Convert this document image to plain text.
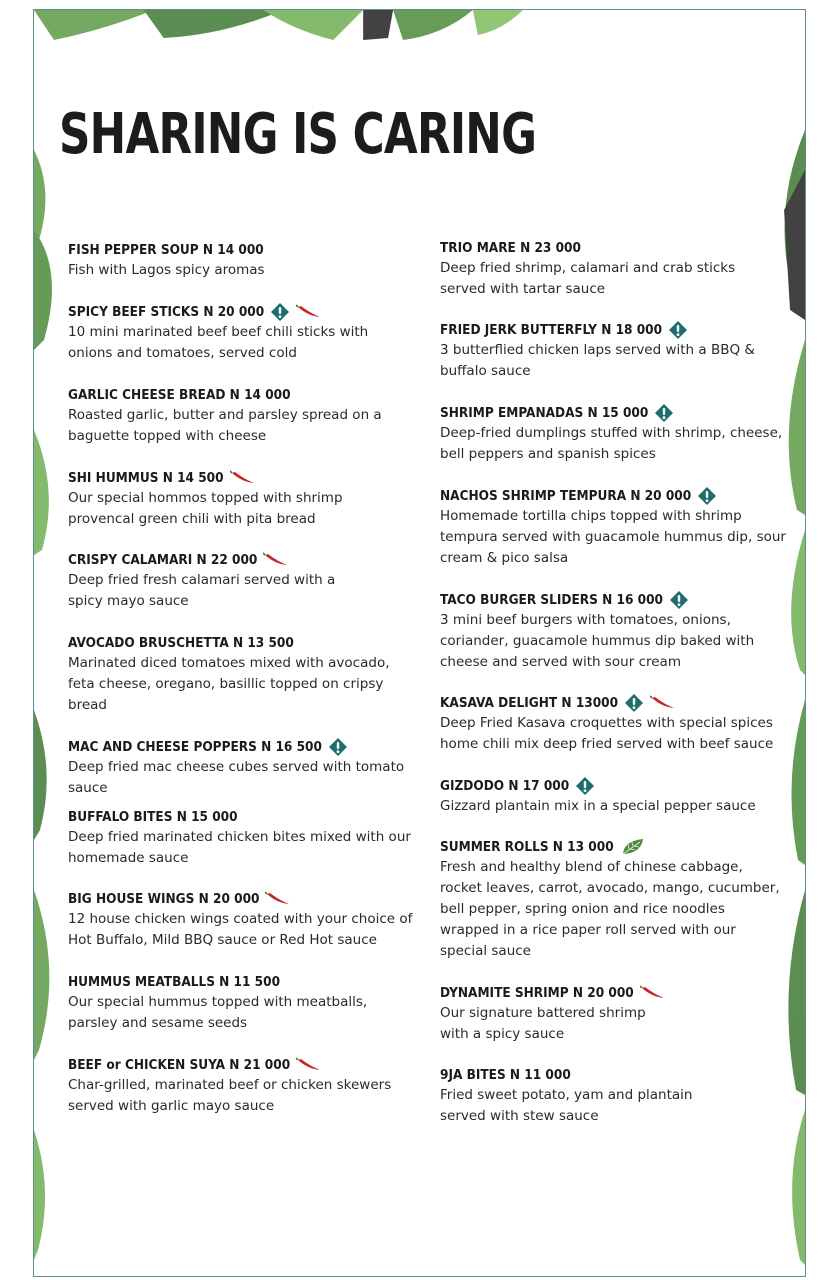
SHARING IS CARING
FISH PEPPER SOUP N 14 000
Fish with Lagos spicy aromas
SPICY BEEF STICKS N 20 000
10 mini marinated beef beef chili sticks with
onions and tomatoes, served cold
GARLIC CHEESE BREAD N 14 000
Roasted garlic, butter and parsley spread on a
baguette topped with cheese
SHI HUMMUS N 14 500
Our special hommos topped with shrimp
provencal green chili with pita bread
CRISPY CALAMARI N 22 000
Deep fried fresh calamari served with a
spicy mayo sauce
AVOCADO BRUSCHETTA N 13 500
Marinated diced tomatoes mixed with avocado,
feta cheese, oregano, basillic topped on cripsy
bread
MAC AND CHEESE POPPERS N 16 500
Deep fried mac cheese cubes served with tomato
sauce
BUFFALO BITES N 15 000
Deep fried marinated chicken bites mixed with our
homemade sauce
BIG HOUSE WINGS N 20 000
12 house chicken wings coated with your choice of
Hot Buffalo, Mild BBQ sauce or Red Hot sauce
HUMMUS MEATBALLS N 11 500
Our special hummus topped with meatballs,
parsley and sesame seeds
BEEF or CHICKEN SUYA N 21 000
Char-grilled, marinated beef or chicken skewers
served with garlic mayo sauce
TRIO MARE N 23 000
Deep fried shrimp, calamari and crab sticks
served with tartar sauce
FRIED JERK BUTTERFLY N 18 000
3 butterflied chicken laps served with a BBQ &
buffalo sauce
SHRIMP EMPANADAS N 15 000
Deep-fried dumplings stuffed with shrimp, cheese,
bell peppers and spanish spices
NACHOS SHRIMP TEMPURA N 20 000
Homemade tortilla chips topped with shrimp
tempura served with guacamole hummus dip, sour
cream & pico salsa
TACO BURGER SLIDERS N 16 000
3 mini beef burgers with tomatoes, onions,
coriander, guacamole hummus dip baked with
cheese and served with sour cream
KASAVA DELIGHT N 13000
Deep Fried Kasava croquettes with special spices
home chili mix deep fried served with beef sauce
GIZDODO N 17 000
Gizzard plantain mix in a special pepper sauce
SUMMER ROLLS N 13 000
Fresh and healthy blend of chinese cabbage,
rocket leaves, carrot, avocado, mango, cucumber,
bell pepper, spring onion and rice noodles
wrapped in a rice paper roll served with our
special sauce
DYNAMITE SHRIMP N 20 000
Our signature battered shrimp
with a spicy sauce
9JA BITES N 11 000
Fried sweet potato, yam and plantain
served with stew sauce
